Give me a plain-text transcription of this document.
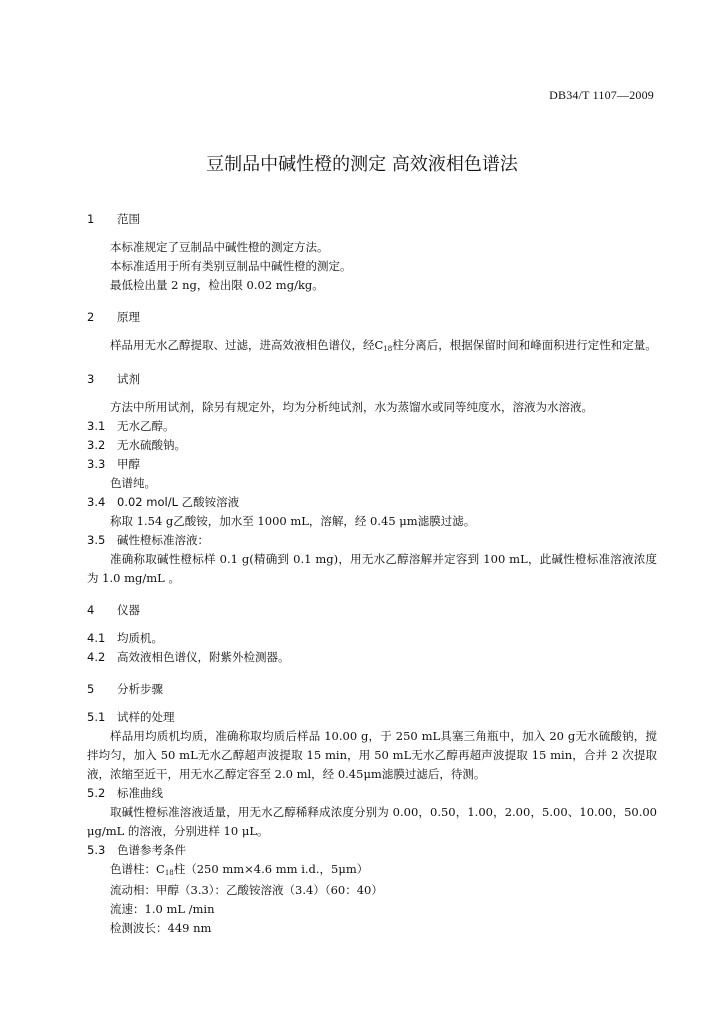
DB34/T 1107—2009
豆制品中碱性橙的测定 高效液相色谱法
1 范围
本标准规定了豆制品中碱性橙的测定方法。
本标准适用于所有类别豆制品中碱性橙的测定。
最低检出量 2 ng，检出限 0.02 mg/kg。
2 原理
样品用无水乙醇提取、过滤，进高效液相色谱仪，经$C_{18}$柱分离后，根据保留时间和峰面积进行定性和定量。
3 试剂
方法中所用试剂，除另有规定外，均为分析纯试剂，水为蒸馏水或同等纯度水，溶液为水溶液。
3.1 无水乙醇。
3.2 无水硫酸钠。
3.3 甲醇
色谱纯。
3.4 0.02 mol/L 乙酸铵溶液
称取 1.54 g乙酸铵，加水至 1000 mL，溶解，经 0.45 μm滤膜过滤。
3.5 碱性橙标准溶液：
准确称取碱性橙标样 0.1 g(精确到 0.1 mg)，用无水乙醇溶解并定容到 100 mL，此碱性橙标准溶液浓度为 1.0 mg/mL 。
4 仪器
4.1 均质机。
4.2 高效液相色谱仪，附紫外检测器。
5 分析步骤
5.1 试样的处理
样品用均质机均质，准确称取均质后样品 10.00 g，于 250 mL具塞三角瓶中，加入 20 g无水硫酸钠，搅拌均匀，加入 50 mL无水乙醇超声波提取 15 min，用 50 mL无水乙醇再超声波提取 15 min，合并 2 次提取液，浓缩至近干，用无水乙醇定容至 2.0 ml，经 0.45μm滤膜过滤后，待测。
5.2 标准曲线
取碱性橙标准溶液适量，用无水乙醇稀释成浓度分别为 0.00，0.50，1.00，2.00，5.00、10.00，50.00 μg/mL 的溶液，分别进样 10 μL。
5.3 色谱参考条件
色谱柱：$C_{18}$柱（250 mm×4.6 mm i.d.，5μm）
流动相：甲醇（3.3）：乙酸铵溶液（3.4）（60：40）
流速：1.0 mL /min
检测波长：449 nm
